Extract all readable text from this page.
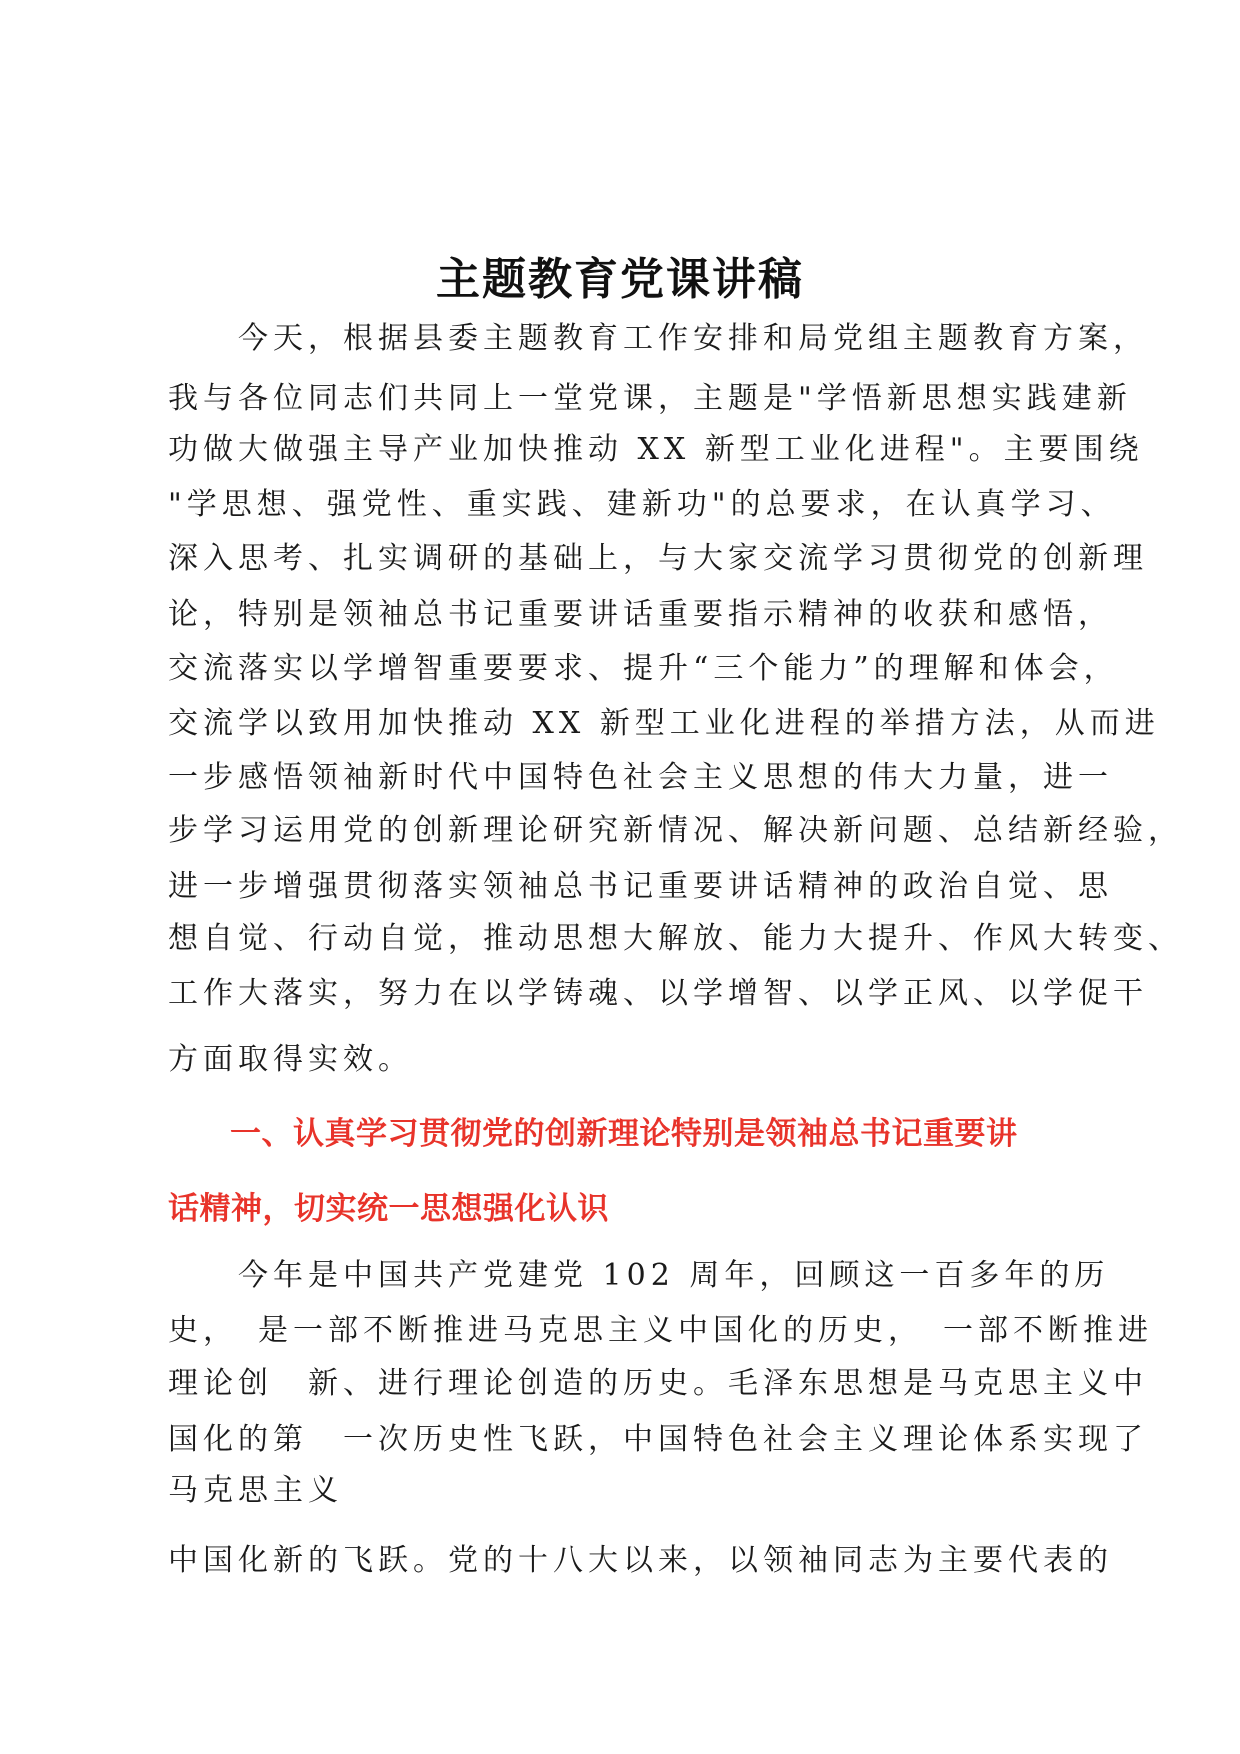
主题教育党课讲稿
　　今天，根据县委主题教育工作安排和局党组主题教育方案，
我与各位同志们共同上一堂党课，主题是"学悟新思想实践建新
功做大做强主导产业加快推动 XX 新型工业化进程"。主要围绕
"学思想、强党性、重实践、建新功"的总要求，在认真学习、
深入思考、扎实调研的基础上，与大家交流学习贯彻党的创新理
论，特别是领袖总书记重要讲话重要指示精神的收获和感悟，
交流落实以学增智重要要求、提升“三个能力”的理解和体会，
交流学以致用加快推动 XX 新型工业化进程的举措方法，从而进
一步感悟领袖新时代中国特色社会主义思想的伟大力量，进一
步学习运用党的创新理论研究新情况、解决新问题、总结新经验，
进一步增强贯彻落实领袖总书记重要讲话精神的政治自觉、思
想自觉、行动自觉，推动思想大解放、能力大提升、作风大转变、
工作大落实，努力在以学铸魂、以学增智、以学正风、以学促干
方面取得实效。
一、认真学习贯彻党的创新理论特别是领袖总书记重要讲
话精神，切实统一思想强化认识
　　今年是中国共产党建党 102 周年，回顾这一百多年的历
史，　是一部不断推进马克思主义中国化的历史，　一部不断推进
理论创　新、进行理论创造的历史。毛泽东思想是马克思主义中
国化的第　一次历史性飞跃，中国特色社会主义理论体系实现了
马克思主义
中国化新的飞跃。党的十八大以来，以领袖同志为主要代表的
